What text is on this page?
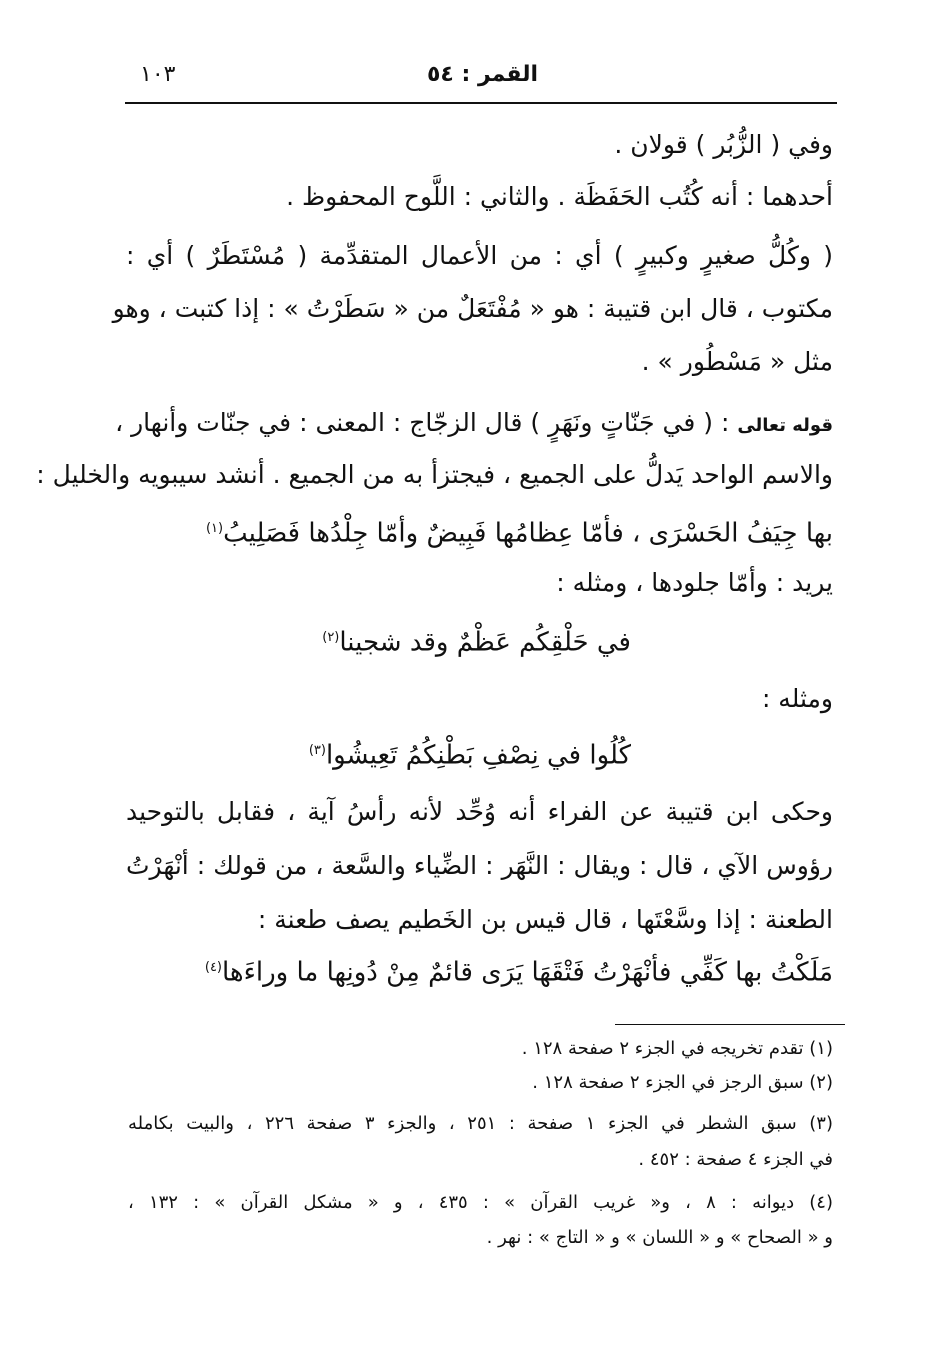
١٠٣	القمر : ٥٤
وفي ( الزُّبُر ) قولان .
أحدهما : أنه كُتُب الحَفَظَة . والثاني : اللَّوح المحفوظ .
( وكُلُّ صغيرٍ وكبيرٍ ) أي : من الأعمال المتقدِّمة ( مُسْتَطَرٌ ) أي :
مكتوب ، قال ابن قتيبة : هو « مُفْتَعَلٌ من « سَطَرْتُ » : إذا كتبت ، وهو
مثل « مَسْطُور » .
قوله تعالى : ( في جَنّاتٍ ونَهَرٍ ) قال الزجّاج : المعنى : في جنّات وأنهار ،
والاسم الواحد يَدلُّ على الجميع ، فيجتزأ به من الجميع . أنشد سيبويه والخليل :
بها جِيَفُ الحَسْرَى ، فأمّا عِظامُها فَبِيضٌ وأمّا جِلْدُها فَصَلِيبُ$^{(١)}$
يريد : وأمّا جلودها ، ومثله :
في حَلْقِكُم عَظْمٌ وقد شجينا$^{(٢)}$
ومثله :
كُلُوا في نِصْفِ بَطْنِكُمُ تَعِيشُوا$^{(٣)}$
وحكى ابن قتيبة عن الفراء أنه وُحِّد لأنه رأسُ آية ، فقابل بالتوحيد
رؤوس الآي ، قال : ويقال : النَّهَر : الضِّياء والسَّعة ، من قولك : أنْهَرْتُ
الطعنة : إذا وسَّعْتَها ، قال قيس بن الخَطيم يصف طعنة :
مَلَكْتُ بها كَفِّي فأنْهَرْتُ فَتْقَهَا يَرَى قائمٌ مِنْ دُونِها ما وراءَها$^{(٤)}$
(١) تقدم تخريجه في الجزء ٢ صفحة ١٢٨ .
(٢) سبق الرجز في الجزء ٢ صفحة ١٢٨ .
(٣) سبق الشطر في الجزء ١ صفحة : ٢٥١ ، والجزء ٣ صفحة ٢٢٦ ، والبيت بكامله
في الجزء ٤ صفحة : ٤٥٢ .
(٤) ديوانه : ٨ ، و« غريب القرآن » : ٤٣٥ ، و « مشكل القرآن » : ١٣٢ ،
و « الصحاح » و « اللسان » و « التاج » : نهر .
